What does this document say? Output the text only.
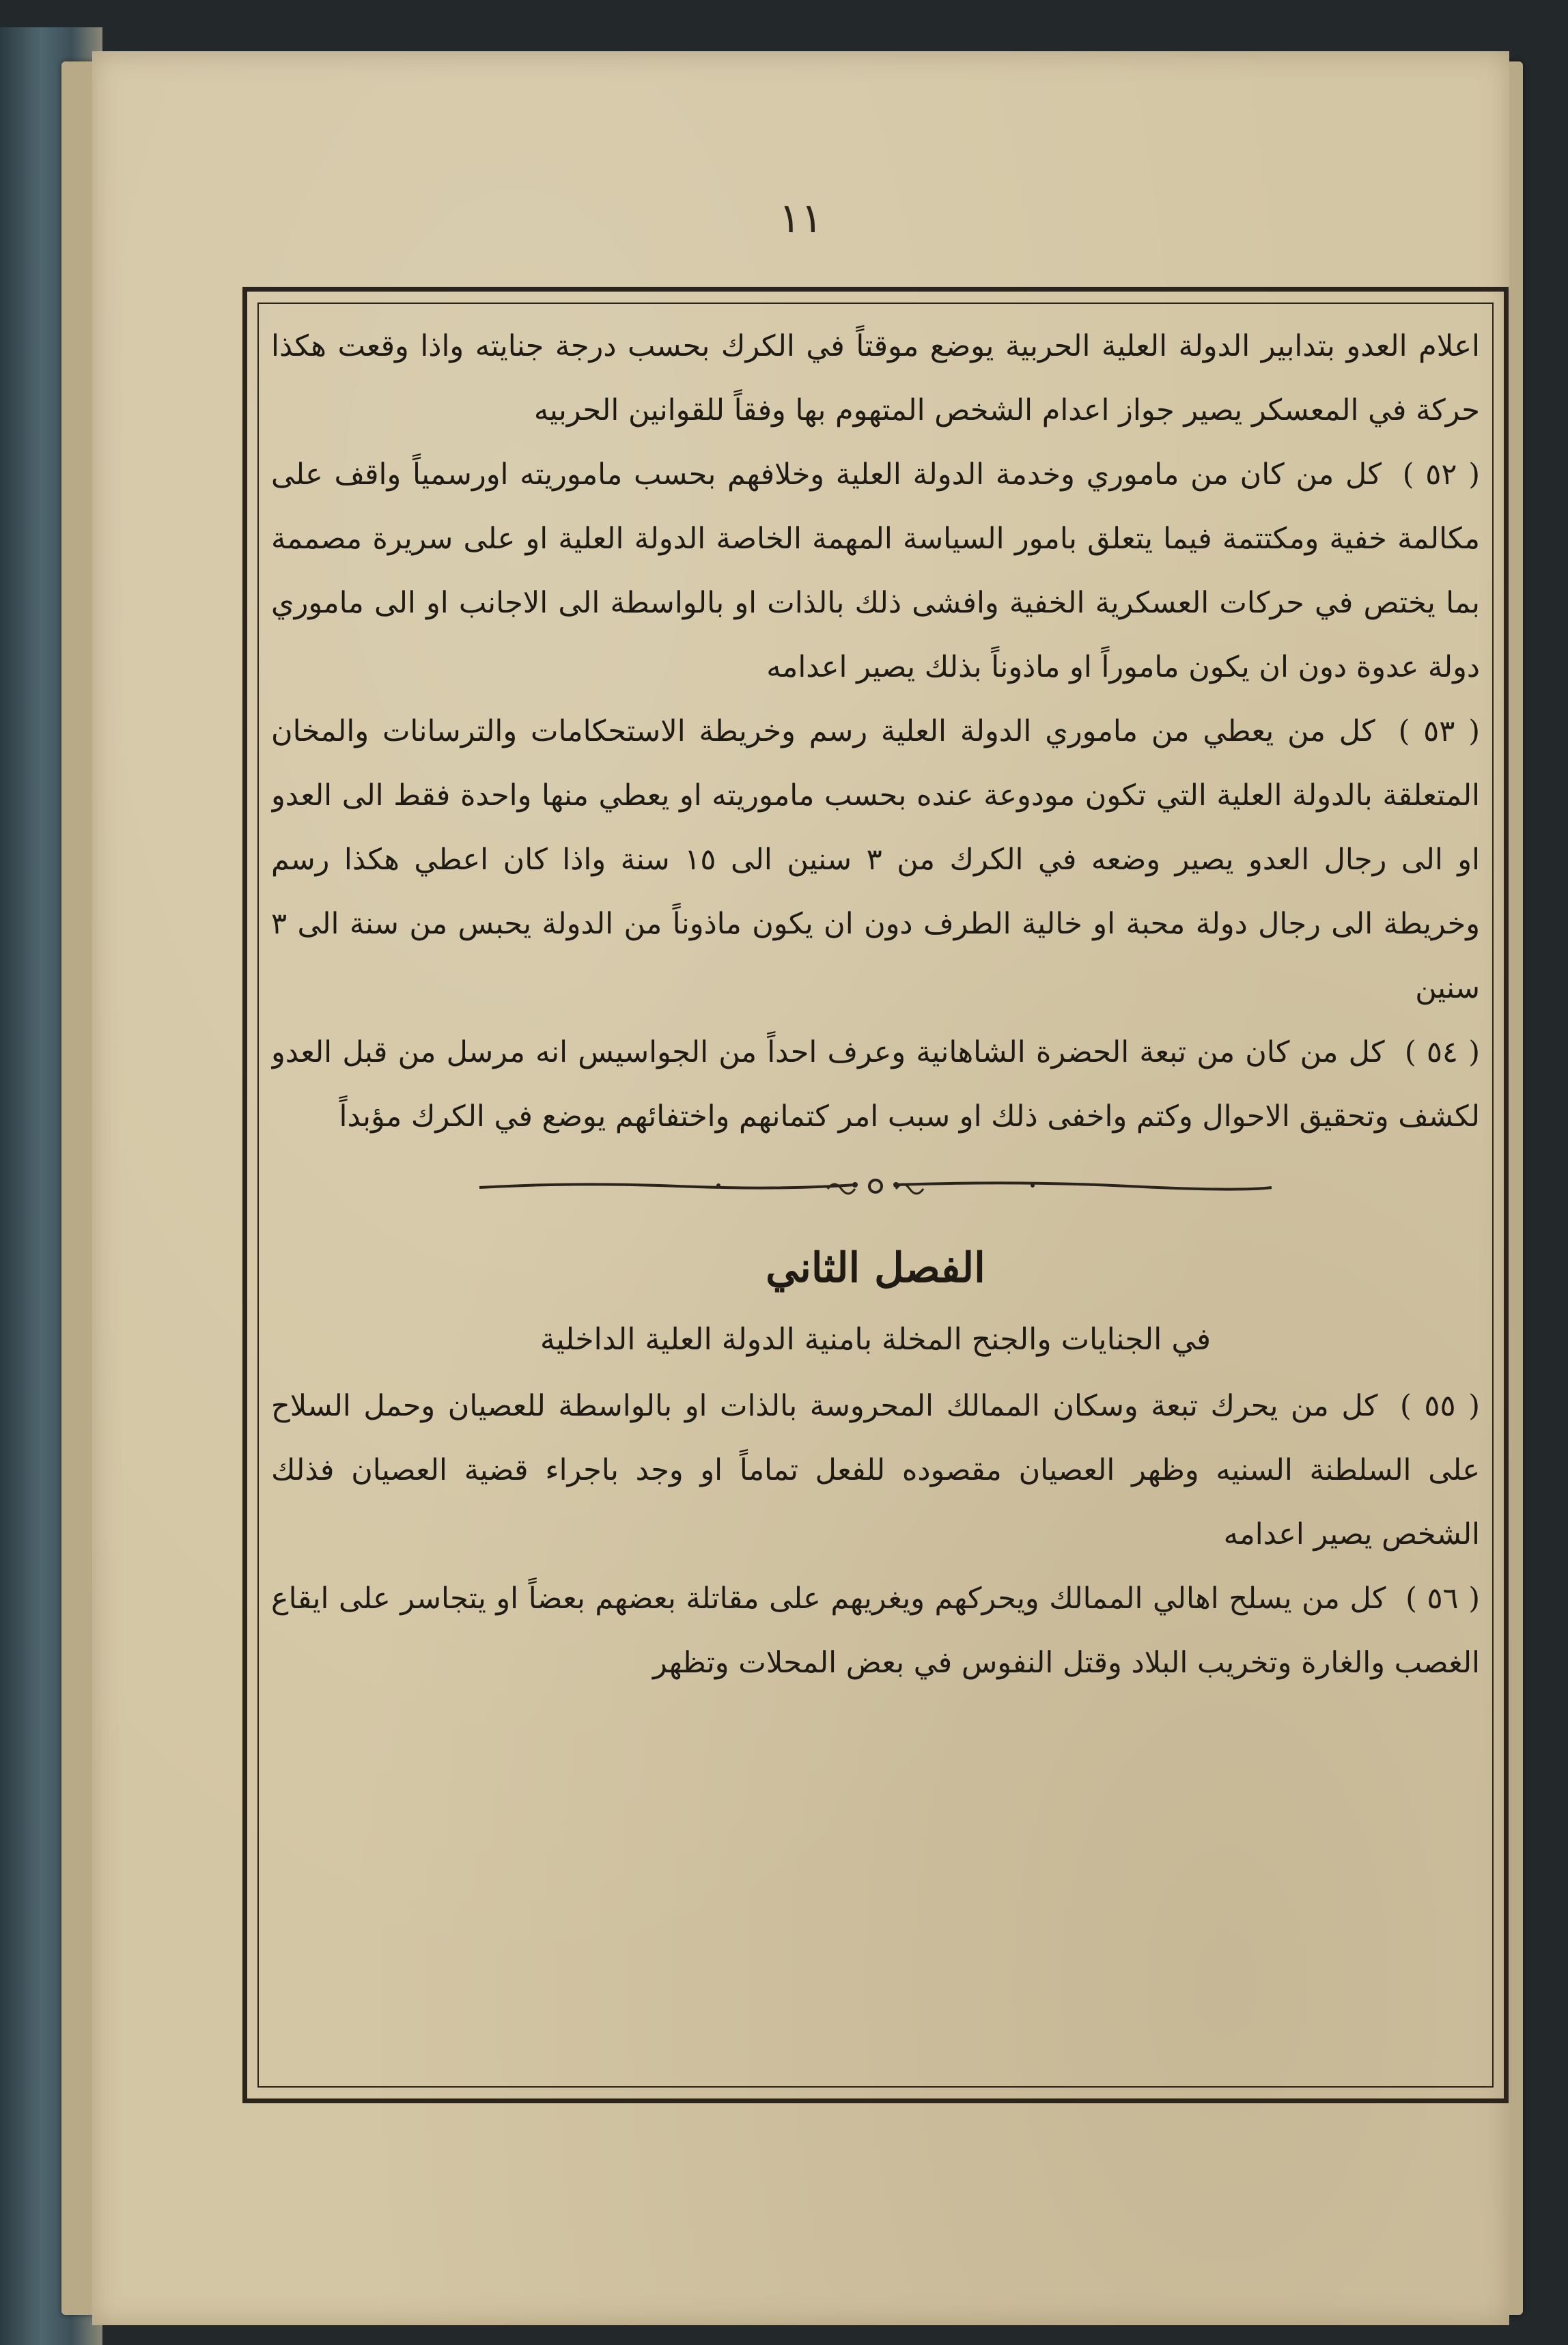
١١

اعلام العدو بتدابير الدولة العلية الحربية يوضع موقتاً في الكرك بحسب درجة جنايته واذا وقعت هكذا حركة في المعسكر يصير جواز اعدام الشخص المتهوم بها وفقاً للقوانين الحربيه

( ٥٢ ) كل من كان من ماموري وخدمة الدولة العلية وخلافهم بحسب ماموريته اورسمياً واقف على مكالمة خفية ومكتتمة فيما يتعلق بامور السياسة المهمة الخاصة الدولة العلية او على سريرة مصممة بما يختص في حركات العسكرية الخفية وافشى ذلك بالذات او بالواسطة الى الاجانب او الى ماموري دولة عدوة دون ان يكون ماموراً او ماذوناً بذلك يصير اعدامه

( ٥٣ ) كل من يعطي من ماموري الدولة العلية رسم وخريطة الاستحكامات والترسانات والمخان المتعلقة بالدولة العلية التي تكون مودوعة عنده بحسب ماموريته او يعطي منها واحدة فقط الى العدو او الى رجال العدو يصير وضعه في الكرك من ٣ سنين الى ١٥ سنة واذا كان اعطي هكذا رسم وخريطة الى رجال دولة محبة او خالية الطرف دون ان يكون ماذوناً من الدولة يحبس من سنة الى ٣ سنين

( ٥٤ ) كل من كان من تبعة الحضرة الشاهانية وعرف احداً من الجواسيس انه مرسل من قبل العدو لكشف وتحقيق الاحوال وكتم واخفى ذلك او سبب امر كتمانهم واختفائهم يوضع في الكرك مؤبداً

الفصل الثاني

في الجنايات والجنح المخلة بامنية الدولة العلية الداخلية

( ٥٥ ) كل من يحرك تبعة وسكان الممالك المحروسة بالذات او بالواسطة للعصيان وحمل السلاح على السلطنة السنيه وظهر العصيان مقصوده للفعل تماماً او وجد باجراء قضية العصيان فذلك الشخص يصير اعدامه

( ٥٦ ) كل من يسلح اهالي الممالك ويحركهم ويغريهم على مقاتلة بعضهم بعضاً او يتجاسر على ايقاع الغصب والغارة وتخريب البلاد وقتل النفوس في بعض المحلات وتظهر
